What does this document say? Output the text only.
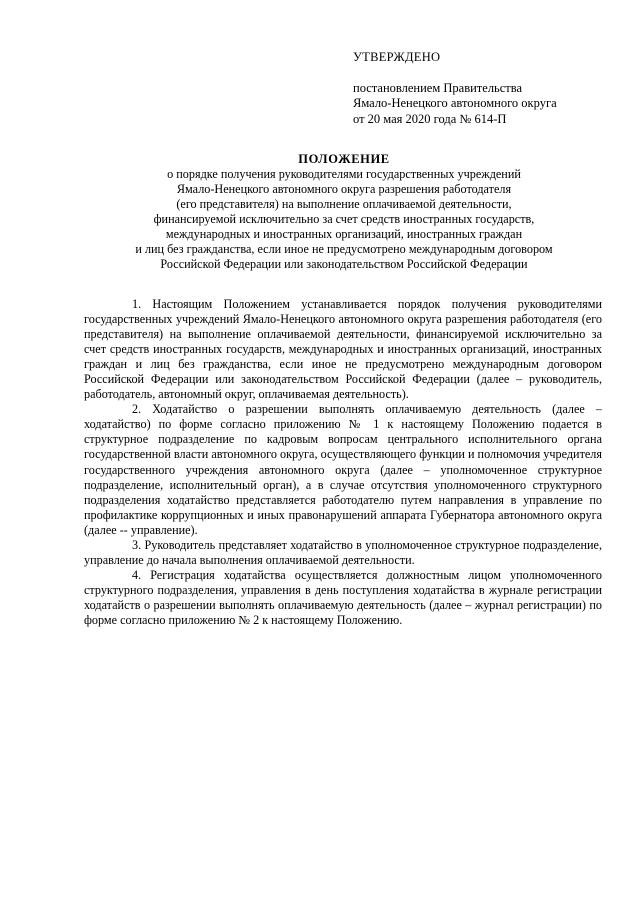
УТВЕРЖДЕНО
постановлением Правительства
Ямало-Ненецкого автономного округа
от 20 мая 2020 года № 614-П
ПОЛОЖЕНИЕ
о порядке получения руководителями государственных учреждений
Ямало-Ненецкого автономного округа разрешения работодателя
(его представителя) на выполнение оплачиваемой деятельности,
финансируемой исключительно за счет средств иностранных государств,
международных и иностранных организаций, иностранных граждан
и лиц без гражданства, если иное не предусмотрено международным договором
Российской Федерации или законодательством Российской Федерации

1. Настоящим Положением устанавливается порядок получения руководителями государственных учреждений Ямало-Ненецкого автономного округа разрешения работодателя (его представителя) на выполнение оплачиваемой деятельности, финансируемой исключительно за счет средств иностранных государств, международных и иностранных организаций, иностранных граждан и лиц без гражданства, если иное не предусмотрено международным договором Российской Федерации или законодательством Российской Федерации (далее – руководитель, работодатель, автономный округ, оплачиваемая деятельность).

2. Ходатайство о разрешении выполнять оплачиваемую деятельность (далее – ходатайство) по форме согласно приложению № 1 к настоящему Положению подается в структурное подразделение по кадровым вопросам центрального исполнительного органа государственной власти автономного округа, осуществляющего функции и полномочия учредителя государственного учреждения автономного округа (далее – уполномоченное структурное подразделение, исполнительный орган), а в случае отсутствия уполномоченного структурного подразделения ходатайство представляется работодателю путем направления в управление по профилактике коррупционных и иных правонарушений аппарата Губернатора автономного округа (далее -- управление).

3. Руководитель представляет ходатайство в уполномоченное структурное подразделение, управление до начала выполнения оплачиваемой деятельности.

4. Регистрация ходатайства осуществляется должностным лицом уполномоченного структурного подразделения, управления в день поступления ходатайства в журнале регистрации ходатайств о разрешении выполнять оплачиваемую деятельность (далее – журнал регистрации) по форме согласно приложению № 2 к настоящему Положению.
